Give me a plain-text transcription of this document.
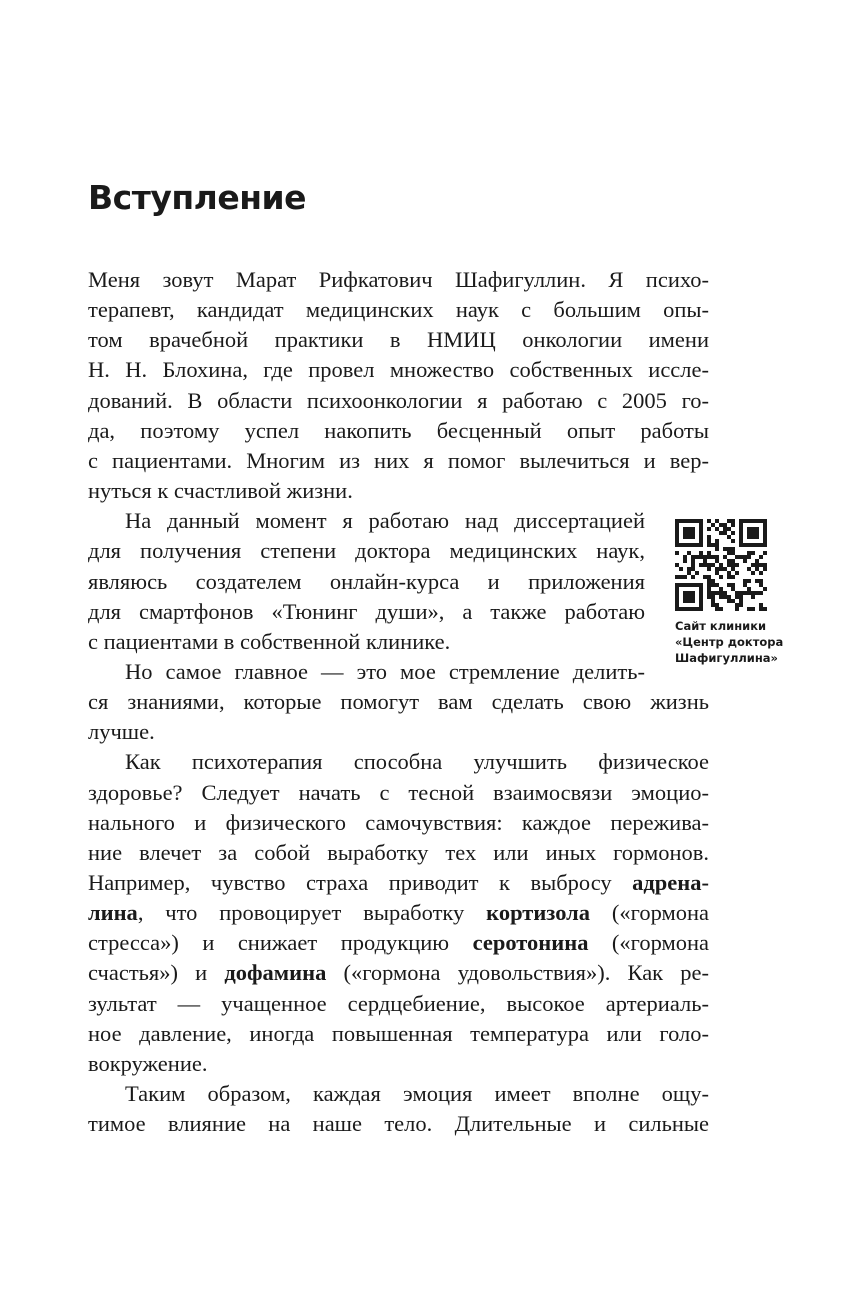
Вступление
Меня зовут Марат Рифкатович Шафигуллин. Я психо-
терапевт, кандидат медицинских наук с большим опы-
том врачебной практики в НМИЦ онкологии имени
Н. Н. Блохина, где провел множество собственных иссле-
дований. В области психоонкологии я работаю с 2005 го-
да, поэтому успел накопить бесценный опыт работы
с пациентами. Многим из них я помог вылечиться и вер-
нуться к счастливой жизни.
На данный момент я работаю над диссертацией
для получения степени доктора медицинских наук,
являюсь создателем онлайн-курса и приложения
для смартфонов «Тюнинг души», а также работаю
с пациентами в собственной клинике.
Но самое главное — это мое стремление делить-
ся знаниями, которые помогут вам сделать свою жизнь
лучше.
Как психотерапия способна улучшить физическое
здоровье? Следует начать с тесной взаимосвязи эмоцио-
нального и физического самочувствия: каждое пережива-
ние влечет за собой выработку тех или иных гормонов.
Например, чувство страха приводит к выбросу адрена-
лина, что провоцирует выработку кортизола («гормона
стресса») и снижает продукцию серотонина («гормона
счастья») и дофамина («гормона удовольствия»). Как ре-
зультат — учащенное сердцебиение, высокое артериаль-
ное давление, иногда повышенная температура или голо-
вокружение.
Таким образом, каждая эмоция имеет вполне ощу-
тимое влияние на наше тело. Длительные и сильные
Сайт клиники
«Центр доктора
Шафигуллина»
